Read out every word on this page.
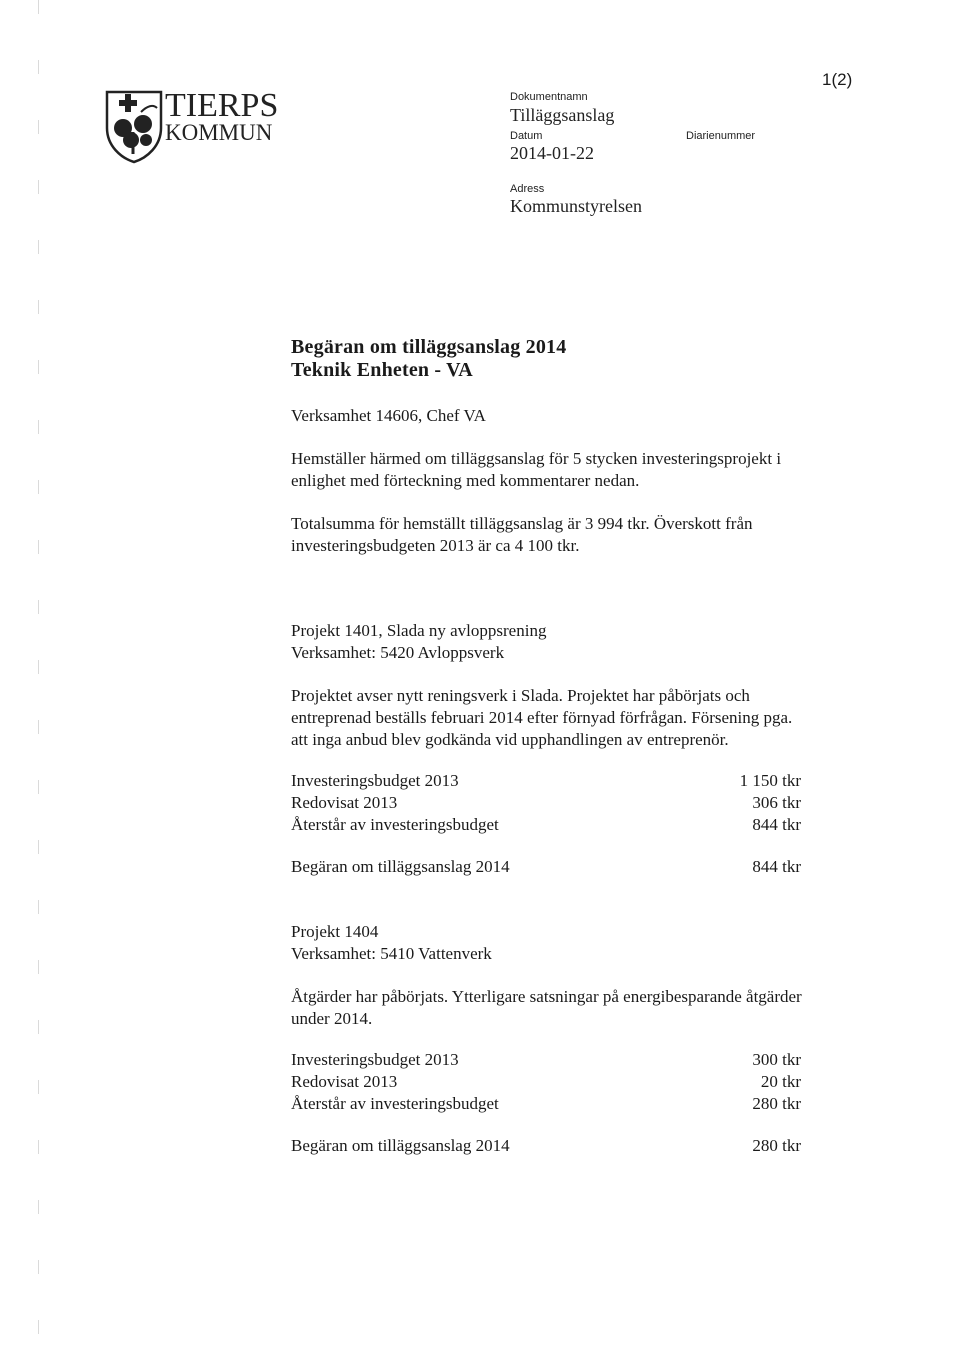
TIERPS
KOMMUN
1(2)
Dokumentnamn
Tilläggsanslag
Datum
2014-01-22
Diarienummer
Adress
Kommunstyrelsen
Begäran om tilläggsanslag 2014
Teknik Enheten - VA
Verksamhet 14606, Chef VA
Hemställer härmed om tilläggsanslag för 5 stycken investeringsprojekt i
enlighet med förteckning med kommentarer nedan.
Totalsumma för hemställt tilläggsanslag är 3 994 tkr. Överskott från
investeringsbudgeten 2013 är ca 4 100 tkr.
Projekt 1401, Slada ny avloppsrening
Verksamhet: 5420 Avloppsverk
Projektet avser nytt reningsverk i Slada. Projektet har påbörjats och
entreprenad beställs februari 2014 efter förnyad förfrågan. Försening pga.
att inga anbud blev godkända vid upphandlingen av entreprenör.
Investeringsbudget 2013	1 150 tkr
Redovisat 2013	306 tkr
Återstår av investeringsbudget	844 tkr
Begäran om tilläggsanslag 2014	844 tkr
Projekt 1404
Verksamhet: 5410 Vattenverk
Åtgärder har påbörjats. Ytterligare satsningar på energibesparande åtgärder
under 2014.
Investeringsbudget 2013	300 tkr
Redovisat 2013	20 tkr
Återstår av investeringsbudget	280 tkr
Begäran om tilläggsanslag 2014	280 tkr
